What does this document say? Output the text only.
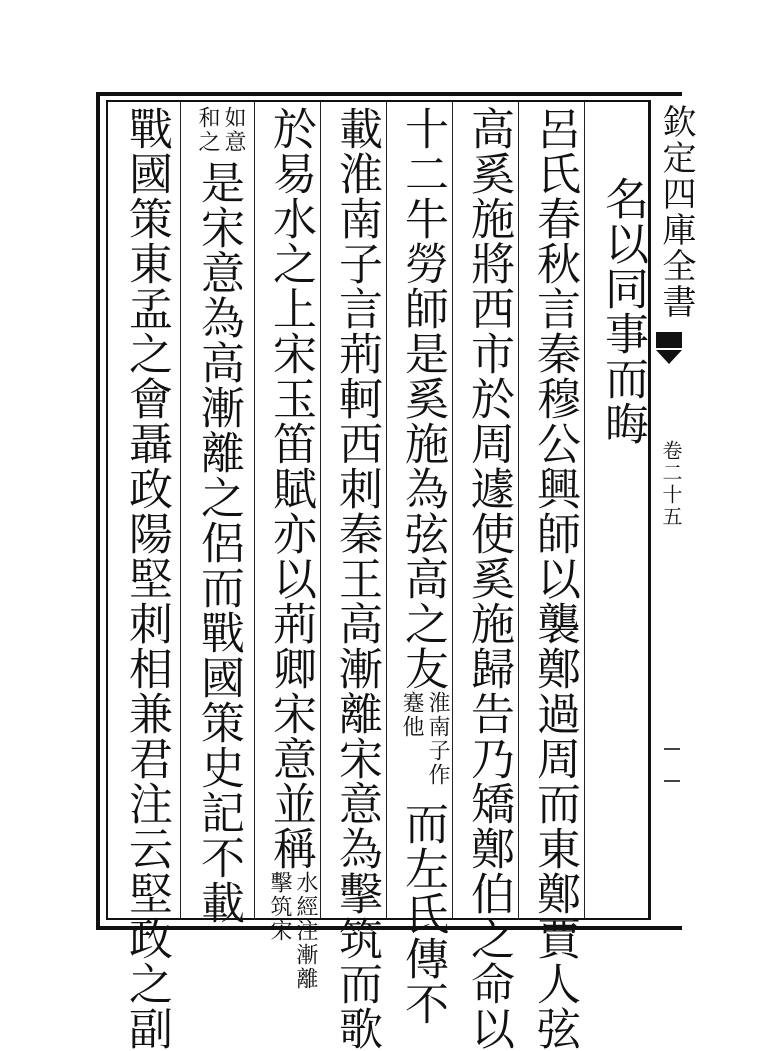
欽定四庫全書
卷二十五
名以同事而晦
呂氏春秋言秦穆公興師以襲鄭過周而東鄭賈人弦
高奚施將西市於周遽使奚施歸告乃矯鄭伯之命以
十二牛勞師是奚施為弦高之友淮南子作蹇他而左氏傳不
載淮南子言荊軻西刺秦王高漸離宋意為擊筑而歌
於易水之上宋玉笛賦亦以荊卿宋意並稱水經注漸離擊筑宋
如意和之是宋意為高漸離之侶而戰國策史記不載
戰國策東孟之會聶政陽堅刺相兼君注云堅政之副
